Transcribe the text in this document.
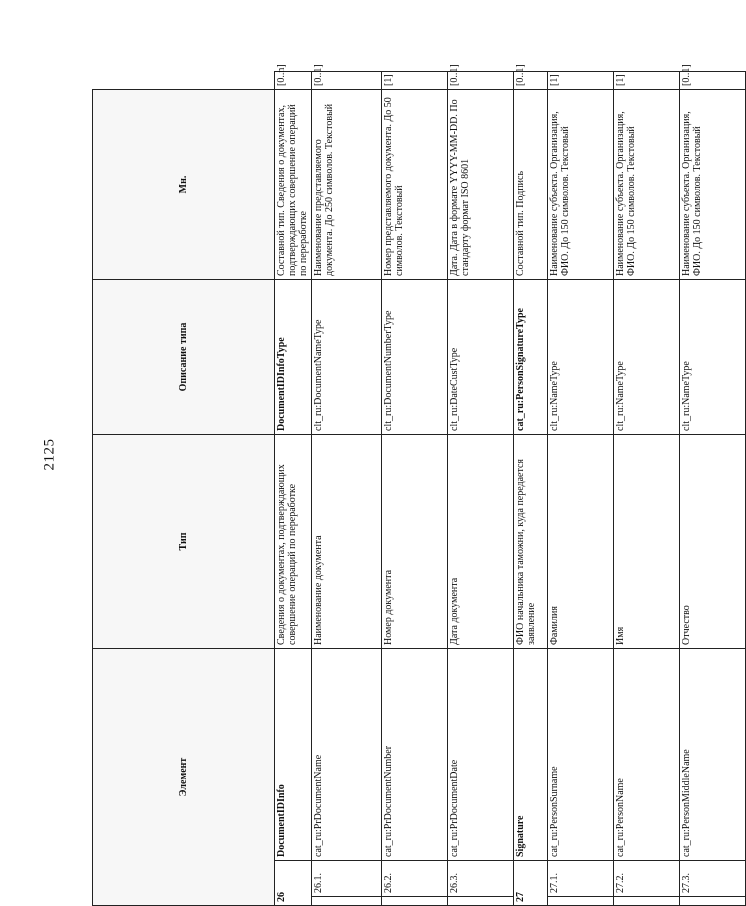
2125
Элемент			Тип	Описание типа	Мн.	
26		DocumentIDInfo	Сведения о документах, подтверждающих совершение операций по переработке	DocumentIDInfoType	Составной тип. Сведения о документах, подтверждающих совершение операций по переработке	[0..n]
	26.1.	cat_ru:PrDocumentName	Наименование документа	clt_ru:DocumentNameType	Наименование представляемого документа. До 250 символов. Текстовый	[0..1]
	26.2.	cat_ru:PrDocumentNumber	Номер документа	clt_ru:DocumentNumberType	Номер представляемого документа. До 50 символов. Текстовый	[1]
	26.3.	cat_ru:PrDocumentDate	Дата документа	clt_ru:DateCustType	Дата. Дата в формате YYYY-MM-DD. По стандарту формат ISO 8601	[0..1]
27		Signature	ФИО начальника таможни, куда передается заявление	cat_ru:PersonSignatureType	Составной тип. Подпись	[0..1]
	27.1.	cat_ru:PersonSurname	Фамилия	clt_ru:NameType	Наименование субъекта. Организация, ФИО. До 150 символов. Текстовый	[1]
	27.2.	cat_ru:PersonName	Имя	clt_ru:NameType	Наименование субъекта. Организация, ФИО. До 150 символов. Текстовый	[1]
	27.3.	cat_ru:PersonMiddleName	Отчество	clt_ru:NameType	Наименование субъекта. Организация, ФИО. До 150 символов. Текстовый	[0..1]
